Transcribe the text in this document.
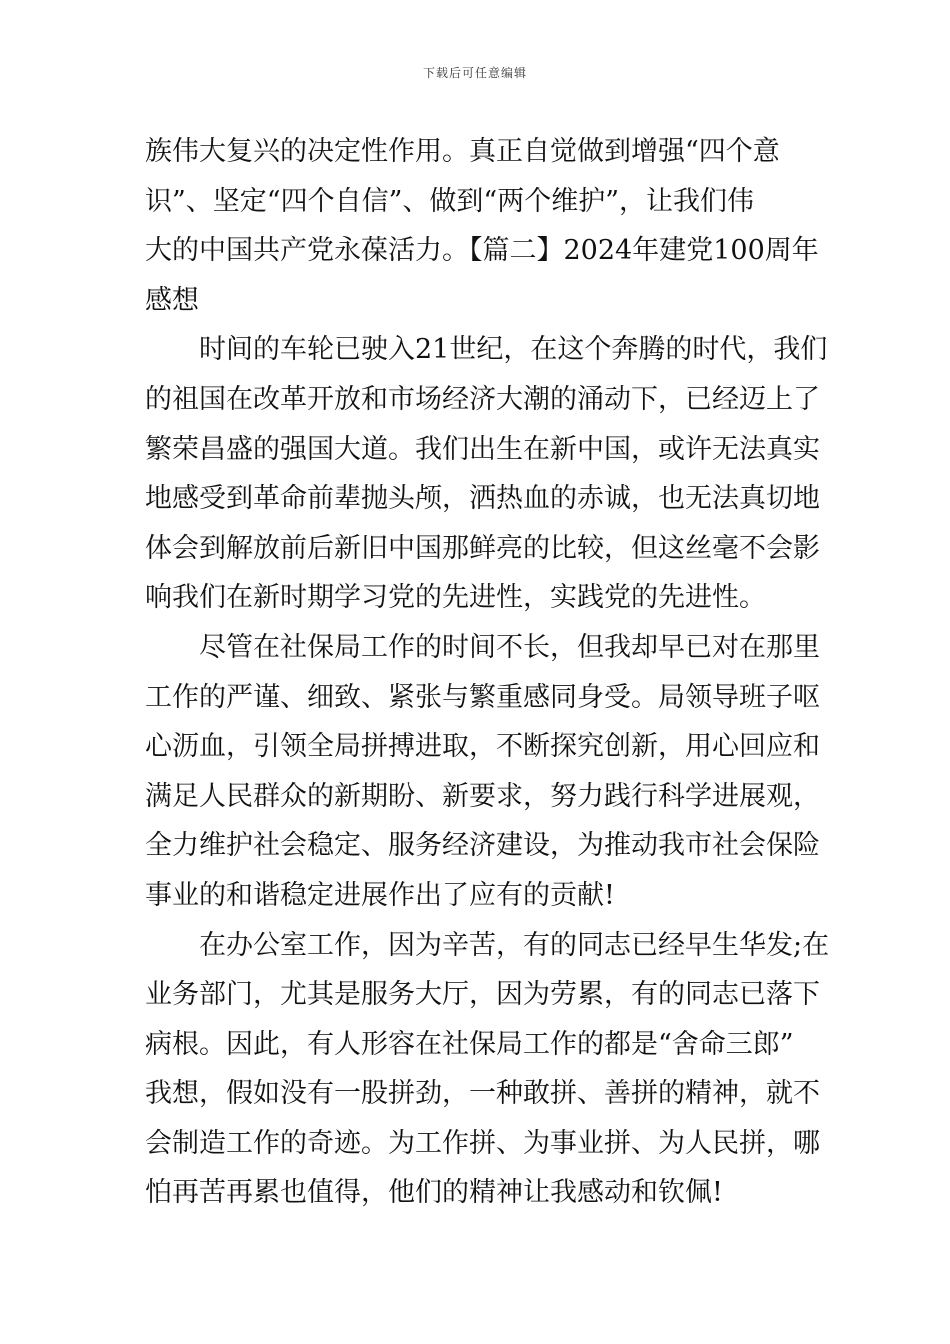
下载后可任意编辑
族伟大复兴的决定性作用。真正自觉做到增强“四个意
识”、坚定“四个自信”、做到“两个维护”，让我们伟
大的中国共产党永葆活力。【篇二】2024年建党100周年
感想
时间的车轮已驶入21世纪，在这个奔腾的时代，我们
的祖国在改革开放和市场经济大潮的涌动下，已经迈上了
繁荣昌盛的强国大道。我们出生在新中国，或许无法真实
地感受到革命前辈抛头颅，洒热血的赤诚，也无法真切地
体会到解放前后新旧中国那鲜亮的比较，但这丝毫不会影
响我们在新时期学习党的先进性，实践党的先进性。
尽管在社保局工作的时间不长，但我却早已对在那里
工作的严谨、细致、紧张与繁重感同身受。局领导班子呕
心沥血，引领全局拼搏进取，不断探究创新，用心回应和
满足人民群众的新期盼、新要求，努力践行科学进展观，
全力维护社会稳定、服务经济建设，为推动我市社会保险
事业的和谐稳定进展作出了应有的贡献!
在办公室工作，因为辛苦，有的同志已经早生华发;在
业务部门，尤其是服务大厅，因为劳累，有的同志已落下
病根。因此，有人形容在社保局工作的都是“舍命三郎”
我想，假如没有一股拼劲，一种敢拼、善拼的精神，就不
会制造工作的奇迹。为工作拼、为事业拼、为人民拼，哪
怕再苦再累也值得，他们的精神让我感动和钦佩!
